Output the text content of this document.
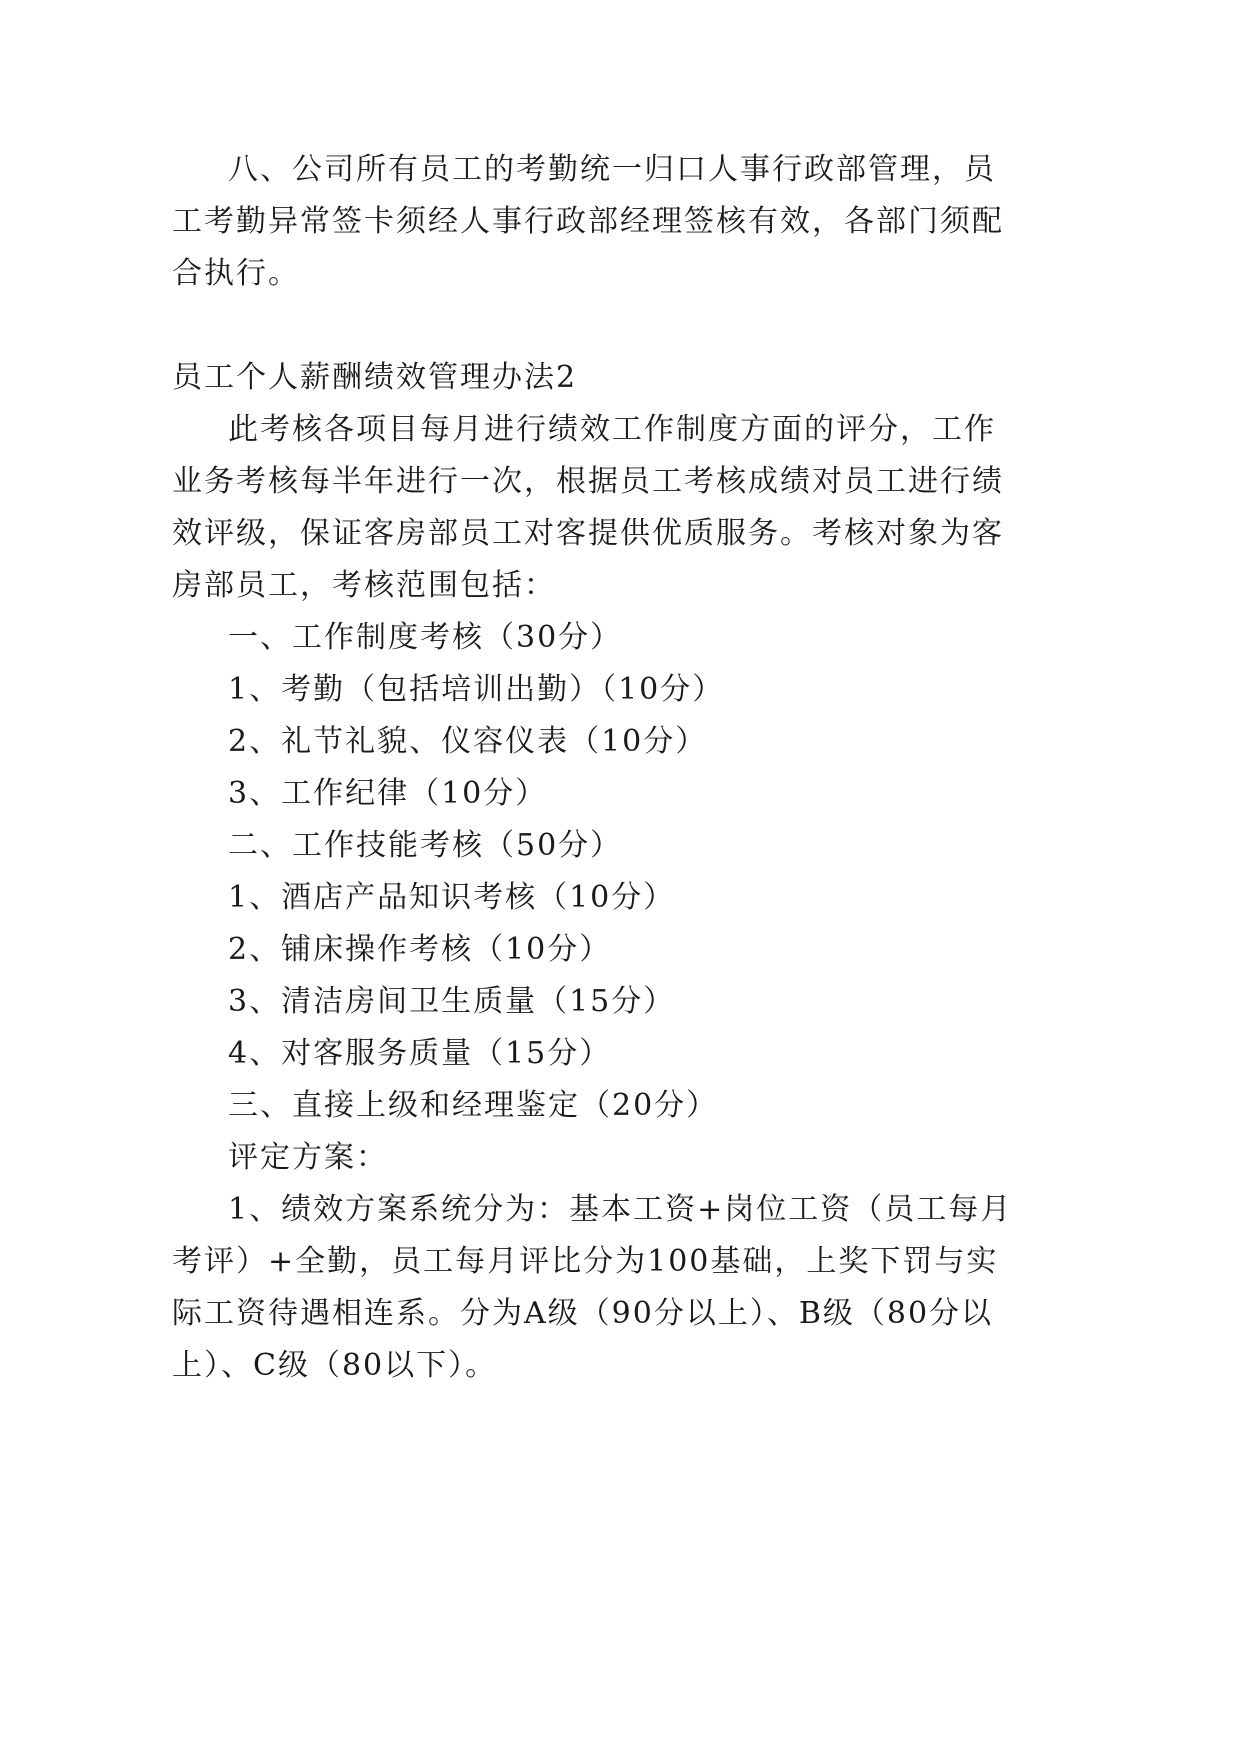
八、公司所有员工的考勤统一归口人事行政部管理，员
工考勤异常签卡须经人事行政部经理签核有效，各部门须配
合执行。
员工个人薪酬绩效管理办法2
此考核各项目每月进行绩效工作制度方面的评分，工作
业务考核每半年进行一次，根据员工考核成绩对员工进行绩
效评级，保证客房部员工对客提供优质服务。考核对象为客
房部员工，考核范围包括：
一、工作制度考核（30分）
1、考勤（包括培训出勤）（10分）
2、礼节礼貌、仪容仪表（10分）
3、工作纪律（10分）
二、工作技能考核（50分）
1、酒店产品知识考核（10分）
2、铺床操作考核（10分）
3、清洁房间卫生质量（15分）
4、对客服务质量（15分）
三、直接上级和经理鉴定（20分）
评定方案：
1、绩效方案系统分为：基本工资+岗位工资（员工每月
考评）+全勤，员工每月评比分为100基础，上奖下罚与实
际工资待遇相连系。分为A级（90分以上）、B级（80分以
上）、C级（80以下）。
